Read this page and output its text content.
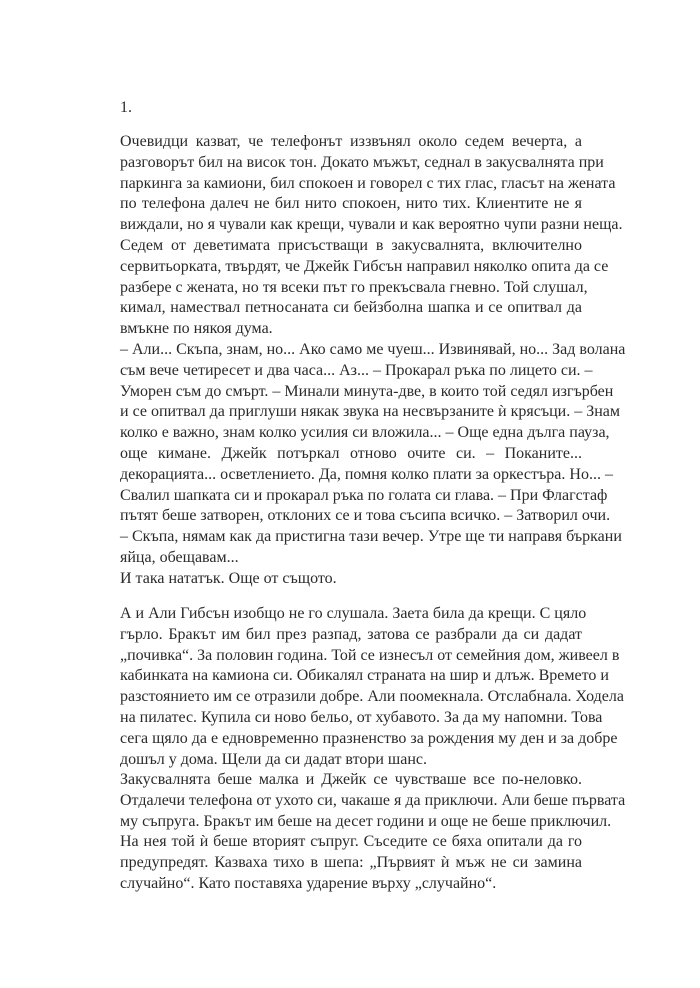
1.
Очевидци казват, че телефонът иззвънял около седем вечерта, а
разговорът бил на висок тон. Докато мъжът, седнал в закусвалнята при
паркинга за камиони, бил спокоен и говорел с тих глас, гласът на жената
по телефона далеч не бил нито спокоен, нито тих. Клиентите не я
виждали, но я чували как крещи, чували и как вероятно чупи разни неща.
Седем от деветимата присъстващи в закусвалнята, включително
сервитьорката, твърдят, че Джейк Гибсън направил няколко опита да се
разбере с жената, но тя всеки път го прекъсвала гневно. Той слушал,
кимал, намествал петносаната си бейзболна шапка и се опитвал да
вмъкне по някоя дума.
– Али... Скъпа, знам, но... Ако само ме чуеш... Извинявай, но... Зад волана
съм вече четиресет и два часа... Аз... – Прокарал ръка по лицето си. –
Уморен съм до смърт. – Минали минута-две, в които той седял изгърбен
и се опитвал да приглуши някак звука на несвързаните ѝ крясъци. – Знам
колко е важно, знам колко усилия си вложила... – Още една дълга пауза,
още кимане. Джейк потъркал отново очите си. – Поканите...
декорацията... осветлението. Да, помня колко плати за оркестъра. Но... –
Свалил шапката си и прокарал ръка по голата си глава. – При Флагстаф
пътят беше затворен, отклоних се и това съсипа всичко. – Затворил очи.
– Скъпа, нямам как да пристигна тази вечер. Утре ще ти направя бъркани
яйца, обещавам...
И така нататък. Още от същото.
А и Али Гибсън изобщо не го слушала. Заета била да крещи. С цяло
гърло. Бракът им бил през разпад, затова се разбрали да си дадат
„почивка“. За половин година. Той се изнесъл от семейния дом, живеел в
кабинката на камиона си. Обикалял страната на шир и длъж. Времето и
разстоянието им се отразили добре. Али поомекнала. Отслабнала. Ходела
на пилатес. Купила си ново бельо, от хубавото. За да му напомни. Това
сега щяло да е едновременно празненство за рождения му ден и за добре
дошъл у дома. Щели да си дадат втори шанс.
Закусвалнята беше малка и Джейк се чувстваше все по-неловко.
Отдалечи телефона от ухото си, чакаше я да приключи. Али беше първата
му съпруга. Бракът им беше на десет години и още не беше приключил.
На нея той ѝ беше вторият съпруг. Съседите се бяха опитали да го
предупредят. Казваха тихо в шепа: „Първият ѝ мъж не си замина
случайно“. Като поставяха ударение върху „случайно“.
